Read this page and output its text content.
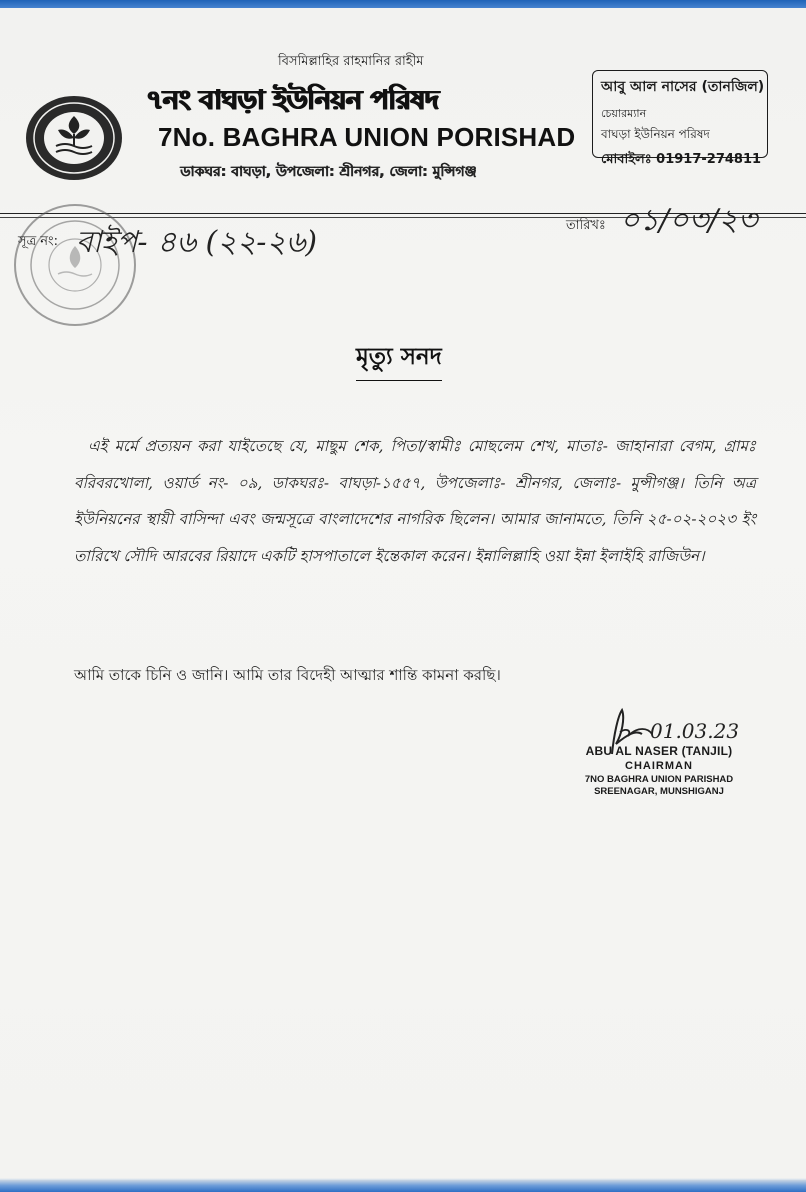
বিসমিল্লাহির রাহমানির রাহীম
৭নং বাঘড়া ইউনিয়ন পরিষদ
7No. BAGHRA UNION PORISHAD
ডাকঘর: বাঘড়া, উপজেলা: শ্রীনগর, জেলা: মুন্সিগঞ্জ
আবু আল নাসের (তানজিল)
চেয়ারম্যান
বাঘড়া ইউনিয়ন পরিষদ
মোবাইলঃ 01917-274811
সূত্র নং: বাইপ- ৪৬ (২২-২৬)	তারিখঃ ০১/০৩/২৩
মৃত্যু সনদ
এই মর্মে প্রত্যয়ন করা যাইতেছে যে, মাছুম শেক, পিতা/স্বামীঃ মোছলেম শেখ, মাতাঃ- জাহানারা বেগম, গ্রামঃ বরিবরখোলা, ওয়ার্ড নং- ০৯, ডাকঘরঃ- বাঘড়া-১৫৫৭, উপজেলাঃ- শ্রীনগর, জেলাঃ- মুন্সীগঞ্জ। তিনি অত্র ইউনিয়নের স্থায়ী বাসিন্দা এবং জন্মসূত্রে বাংলাদেশের নাগরিক ছিলেন। আমার জানামতে, তিনি ২৫-০২-২০২৩ ইং তারিখে সৌদি আরবের রিয়াদে একটি হাসপাতালে ইন্তেকাল করেন। ইন্নালিল্লাহি ওয়া ইন্না ইলাইহি রাজিউন।
আমি তাকে চিনি ও জানি। আমি তার বিদেহী আত্মার শান্তি কামনা করছি।
01.03.23
ABU AL NASER (TANJIL)
CHAIRMAN
7NO BAGHRA UNION PARISHAD
SREENAGAR, MUNSHIGANJ
